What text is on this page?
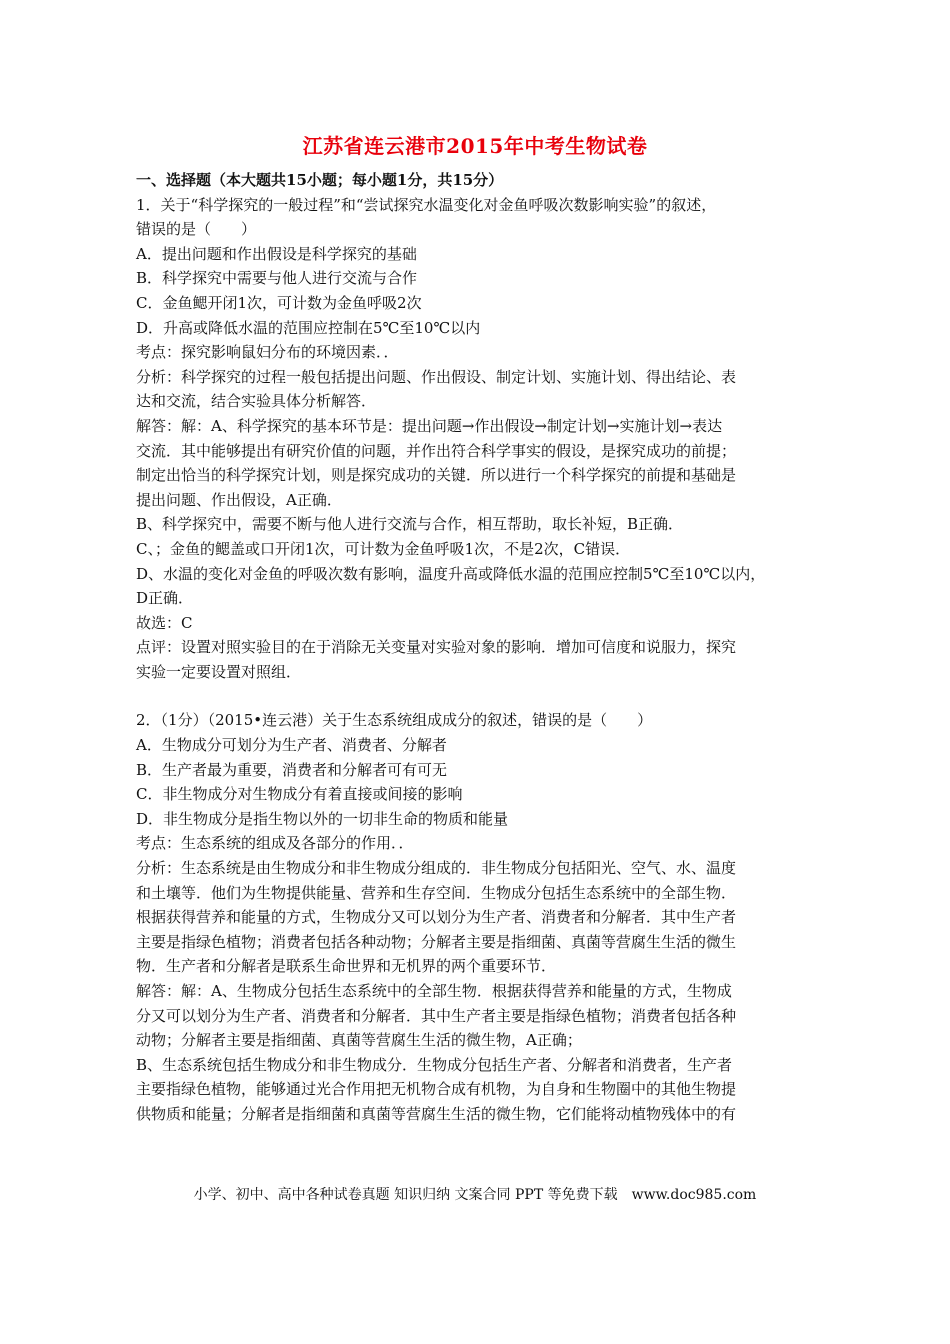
江苏省连云港市2015年中考生物试卷
一、选择题（本大题共15小题；每小题1分，共15分）
1．关于“科学探究的一般过程”和“尝试探究水温变化对金鱼呼吸次数影响实验”的叙述，
错误的是（　　）
A．提出问题和作出假设是科学探究的基础
B．科学探究中需要与他人进行交流与合作
C．金鱼鳃开闭1次，可计数为金鱼呼吸2次
D．升高或降低水温的范围应控制在5℃至10℃以内
考点：探究影响鼠妇分布的环境因素．．
分析：科学探究的过程一般包括提出问题、作出假设、制定计划、实施计划、得出结论、表
达和交流，结合实验具体分析解答．
解答：解：A、科学探究的基本环节是：提出问题→作出假设→制定计划→实施计划→表达
交流．其中能够提出有研究价值的问题，并作出符合科学事实的假设，是探究成功的前提；
制定出恰当的科学探究计划，则是探究成功的关键．所以进行一个科学探究的前提和基础是
提出问题、作出假设，A正确．
B、科学探究中，需要不断与他人进行交流与合作，相互帮助，取长补短，B正确．
C、；金鱼的鳃盖或口开闭1次，可计数为金鱼呼吸1次，不是2次，C错误．
D、水温的变化对金鱼的呼吸次数有影响，温度升高或降低水温的范围应控制5℃至10℃以内，
D正确．
故选：C
点评：设置对照实验目的在于消除无关变量对实验对象的影响．增加可信度和说服力，探究
实验一定要设置对照组．
2．（1分）（2015•连云港）关于生态系统组成成分的叙述，错误的是（　　）
A．生物成分可划分为生产者、消费者、分解者
B．生产者最为重要，消费者和分解者可有可无
C．非生物成分对生物成分有着直接或间接的影响
D．非生物成分是指生物以外的一切非生命的物质和能量
考点：生态系统的组成及各部分的作用．．
分析：生态系统是由生物成分和非生物成分组成的．非生物成分包括阳光、空气、水、温度
和土壤等．他们为生物提供能量、营养和生存空间．生物成分包括生态系统中的全部生物．
根据获得营养和能量的方式，生物成分又可以划分为生产者、消费者和分解者．其中生产者
主要是指绿色植物；消费者包括各种动物；分解者主要是指细菌、真菌等营腐生生活的微生
物．生产者和分解者是联系生命世界和无机界的两个重要环节．
解答：解：A、生物成分包括生态系统中的全部生物．根据获得营养和能量的方式，生物成
分又可以划分为生产者、消费者和分解者．其中生产者主要是指绿色植物；消费者包括各种
动物；分解者主要是指细菌、真菌等营腐生生活的微生物，A正确；
B、生态系统包括生物成分和非生物成分．生物成分包括生产者、分解者和消费者，生产者
主要指绿色植物，能够通过光合作用把无机物合成有机物，为自身和生物圈中的其他生物提
供物质和能量；分解者是指细菌和真菌等营腐生生活的微生物，它们能将动植物残体中的有
小学、初中、高中各种试卷真题 知识归纳 文案合同 PPT 等免费下载　www.doc985.com
